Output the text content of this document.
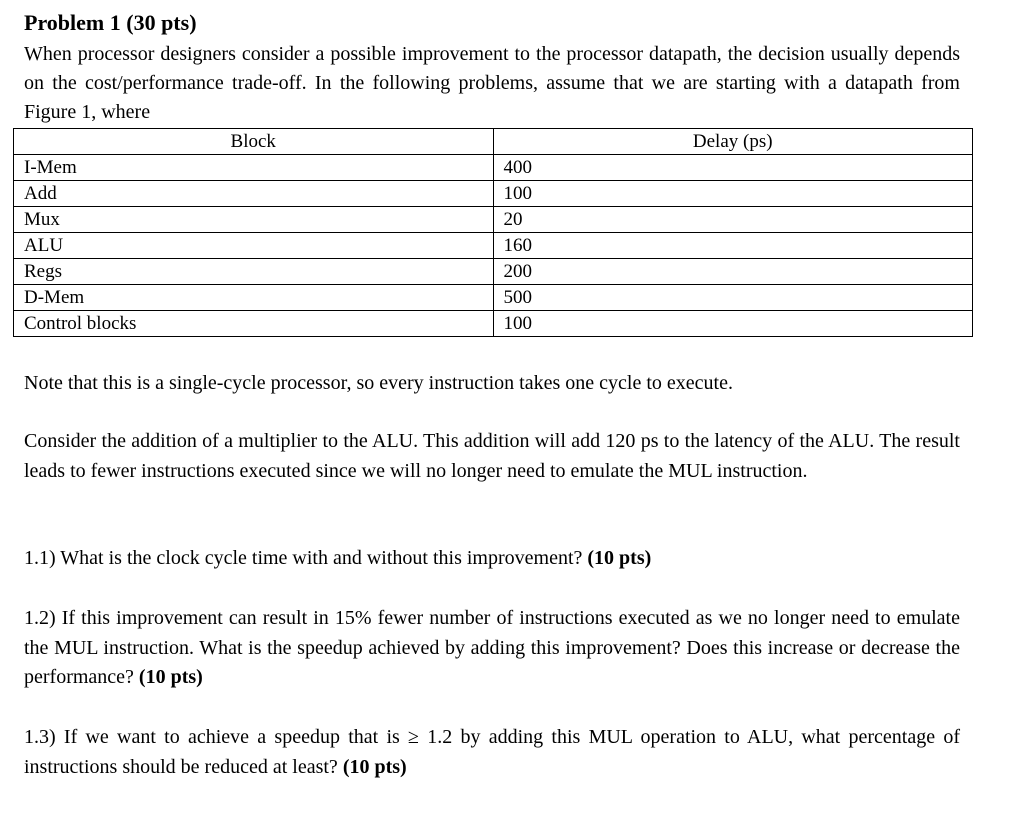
Problem 1 (30 pts)
When processor designers consider a possible improvement to the processor datapath, the decision usually depends on the cost/performance trade-off. In the following problems, assume that we are starting with a datapath from Figure 1, where
Block	Delay (ps)
I-Mem	400
Add	100
Mux	20
ALU	160
Regs	200
D-Mem	500
Control blocks	100
Note that this is a single-cycle processor, so every instruction takes one cycle to execute.
Consider the addition of a multiplier to the ALU. This addition will add 120 ps to the latency of the ALU. The result leads to fewer instructions executed since we will no longer need to emulate the MUL instruction.
1.1) What is the clock cycle time with and without this improvement? (10 pts)
1.2) If this improvement can result in 15% fewer number of instructions executed as we no longer need to emulate the MUL instruction. What is the speedup achieved by adding this improvement? Does this increase or decrease the performance? (10 pts)
1.3) If we want to achieve a speedup that is ≥ 1.2 by adding this MUL operation to ALU, what percentage of instructions should be reduced at least? (10 pts)
